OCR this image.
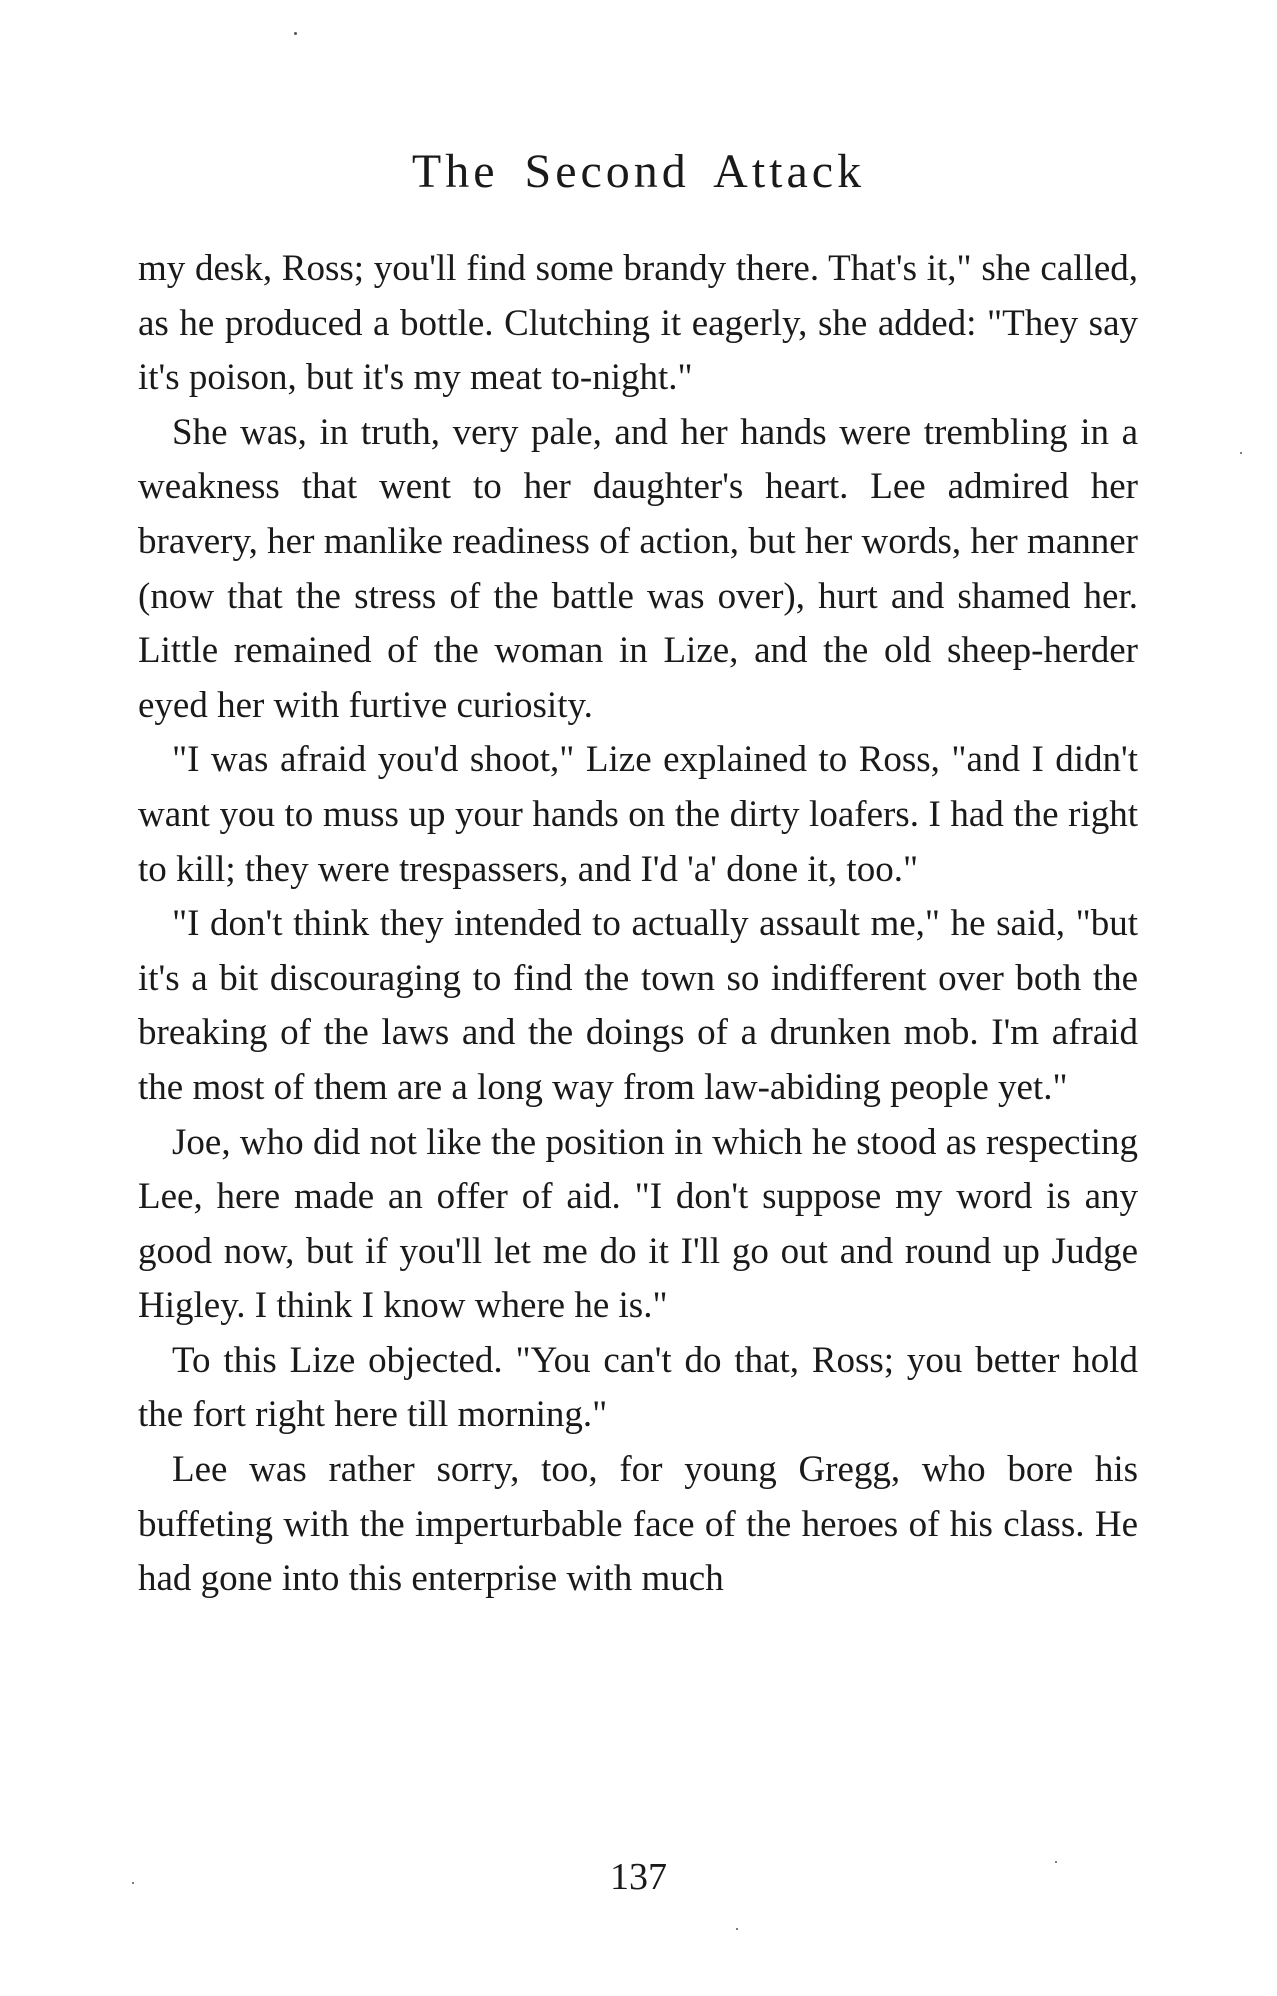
The Second Attack

my desk, Ross; you'll find some brandy there. That's it," she called, as he produced a bottle. Clutching it eagerly, she added: "They say it's poison, but it's my meat to-night."

She was, in truth, very pale, and her hands were trembling in a weakness that went to her daughter's heart. Lee admired her bravery, her manlike readiness of action, but her words, her manner (now that the stress of the battle was over), hurt and shamed her. Little remained of the woman in Lize, and the old sheep-herder eyed her with furtive curiosity.

"I was afraid you'd shoot," Lize explained to Ross, "and I didn't want you to muss up your hands on the dirty loafers. I had the right to kill; they were trespassers, and I'd 'a' done it, too."

"I don't think they intended to actually assault me," he said, "but it's a bit discouraging to find the town so indifferent over both the breaking of the laws and the doings of a drunken mob. I'm afraid the most of them are a long way from law-abiding people yet."

Joe, who did not like the position in which he stood as respecting Lee, here made an offer of aid. "I don't suppose my word is any good now, but if you'll let me do it I'll go out and round up Judge Higley. I think I know where he is."

To this Lize objected. "You can't do that, Ross; you better hold the fort right here till morning."

Lee was rather sorry, too, for young Gregg, who bore his buffeting with the imperturbable face of the heroes of his class. He had gone into this enterprise with much

137
